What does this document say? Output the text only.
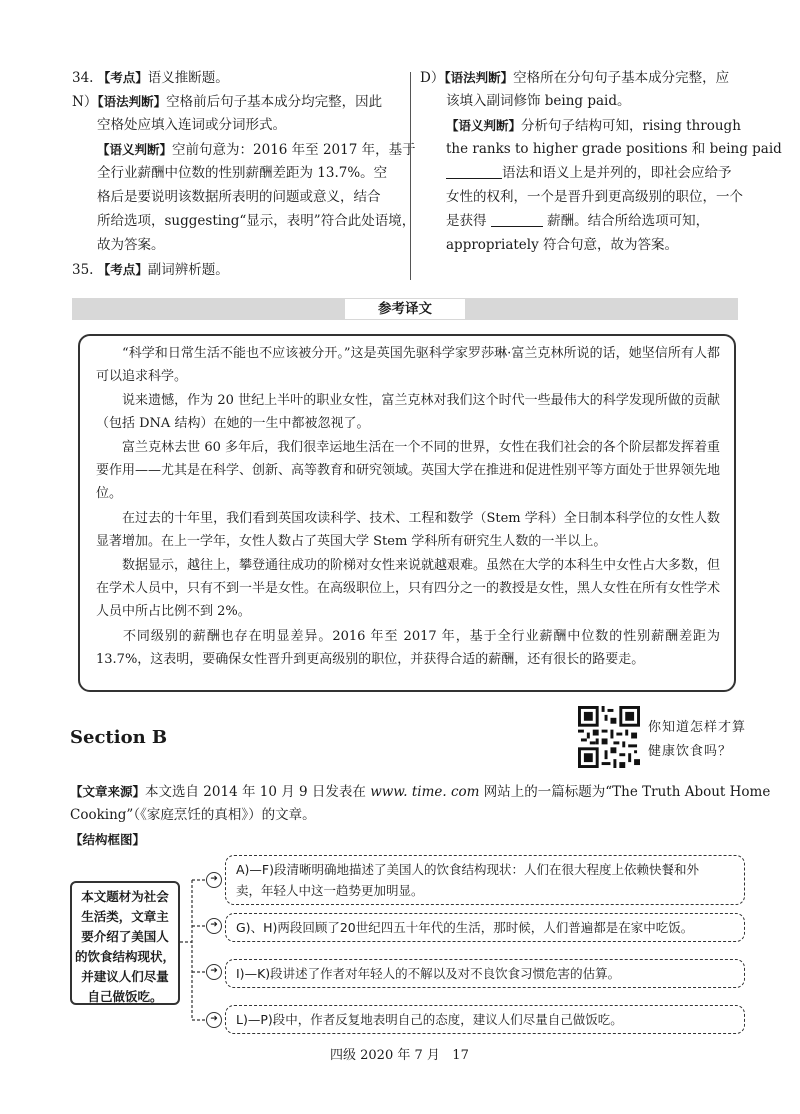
34. 【考点】语义推断题。
N）【语法判断】空格前后句子基本成分均完整，因此
空格处应填入连词或分词形式。
【语义判断】空前句意为：2016 年至 2017 年，基于
全行业薪酬中位数的性别薪酬差距为 13.7%。空
格后是要说明该数据所表明的问题或意义，结合
所给选项，suggesting“显示，表明”符合此处语境，
故为答案。
35. 【考点】副词辨析题。
D）【语法判断】空格所在分句句子基本成分完整，应
该填入副词修饰 being paid。
【语义判断】分析句子结构可知，rising through
the ranks to higher grade positions 和 being paid
语法和语义上是并列的，即社会应给予
女性的权利，一个是晋升到更高级别的职位，一个
是获得	薪酬。结合所给选项可知，
appropriately 符合句意，故为答案。
参考译文

“科学和日常生活不能也不应该被分开。”这是英国先驱科学家罗莎琳·富兰克林所说的话，她坚信所有人都可以追求科学。

说来遗憾，作为 20 世纪上半叶的职业女性，富兰克林对我们这个时代一些最伟大的科学发现所做的贡献（包括 DNA 结构）在她的一生中都被忽视了。

富兰克林去世 60 多年后，我们很幸运地生活在一个不同的世界，女性在我们社会的各个阶层都发挥着重要作用——尤其是在科学、创新、高等教育和研究领域。英国大学在推进和促进性别平等方面处于世界领先地位。

在过去的十年里，我们看到英国攻读科学、技术、工程和数学（Stem 学科）全日制本科学位的女性人数显著增加。在上一学年，女性人数占了英国大学 Stem 学科所有研究生人数的一半以上。

数据显示，越往上，攀登通往成功的阶梯对女性来说就越艰难。虽然在大学的本科生中女性占大多数，但在学术人员中，只有不到一半是女性。在高级职位上，只有四分之一的教授是女性，黑人女性在所有女性学术人员中所占比例不到 2%。

不同级别的薪酬也存在明显差异。2016 年至 2017 年，基于全行业薪酬中位数的性别薪酬差距为 13.7%，这表明，要确保女性晋升到更高级别的职位，并获得合适的薪酬，还有很长的路要走。

Section B	你知道怎样才算
健康饮食吗？
【文章来源】本文选自 2014 年 10 月 9 日发表在 www. time. com 网站上的一篇标题为“The Truth About Home
Cooking”（《家庭烹饪的真相》）的文章。
【结构框图】
本文题材为社会
生活类，文章主
要介绍了美国人
的饮食结构现状，
并建议人们尽量
自己做饭吃。
➜
➜
➜
➜
A)—F)段清晰明确地描述了美国人的饮食结构现状：人们在很大程度上依赖快餐和外
卖，年轻人中这一趋势更加明显。
G)、H)两段回顾了20世纪四五十年代的生活，那时候，人们普遍都是在家中吃饭。
I)—K)段讲述了作者对年轻人的不解以及对不良饮食习惯危害的估算。
L)—P)段中，作者反复地表明自己的态度，建议人们尽量自己做饭吃。
四级 2020 年 7 月 17
